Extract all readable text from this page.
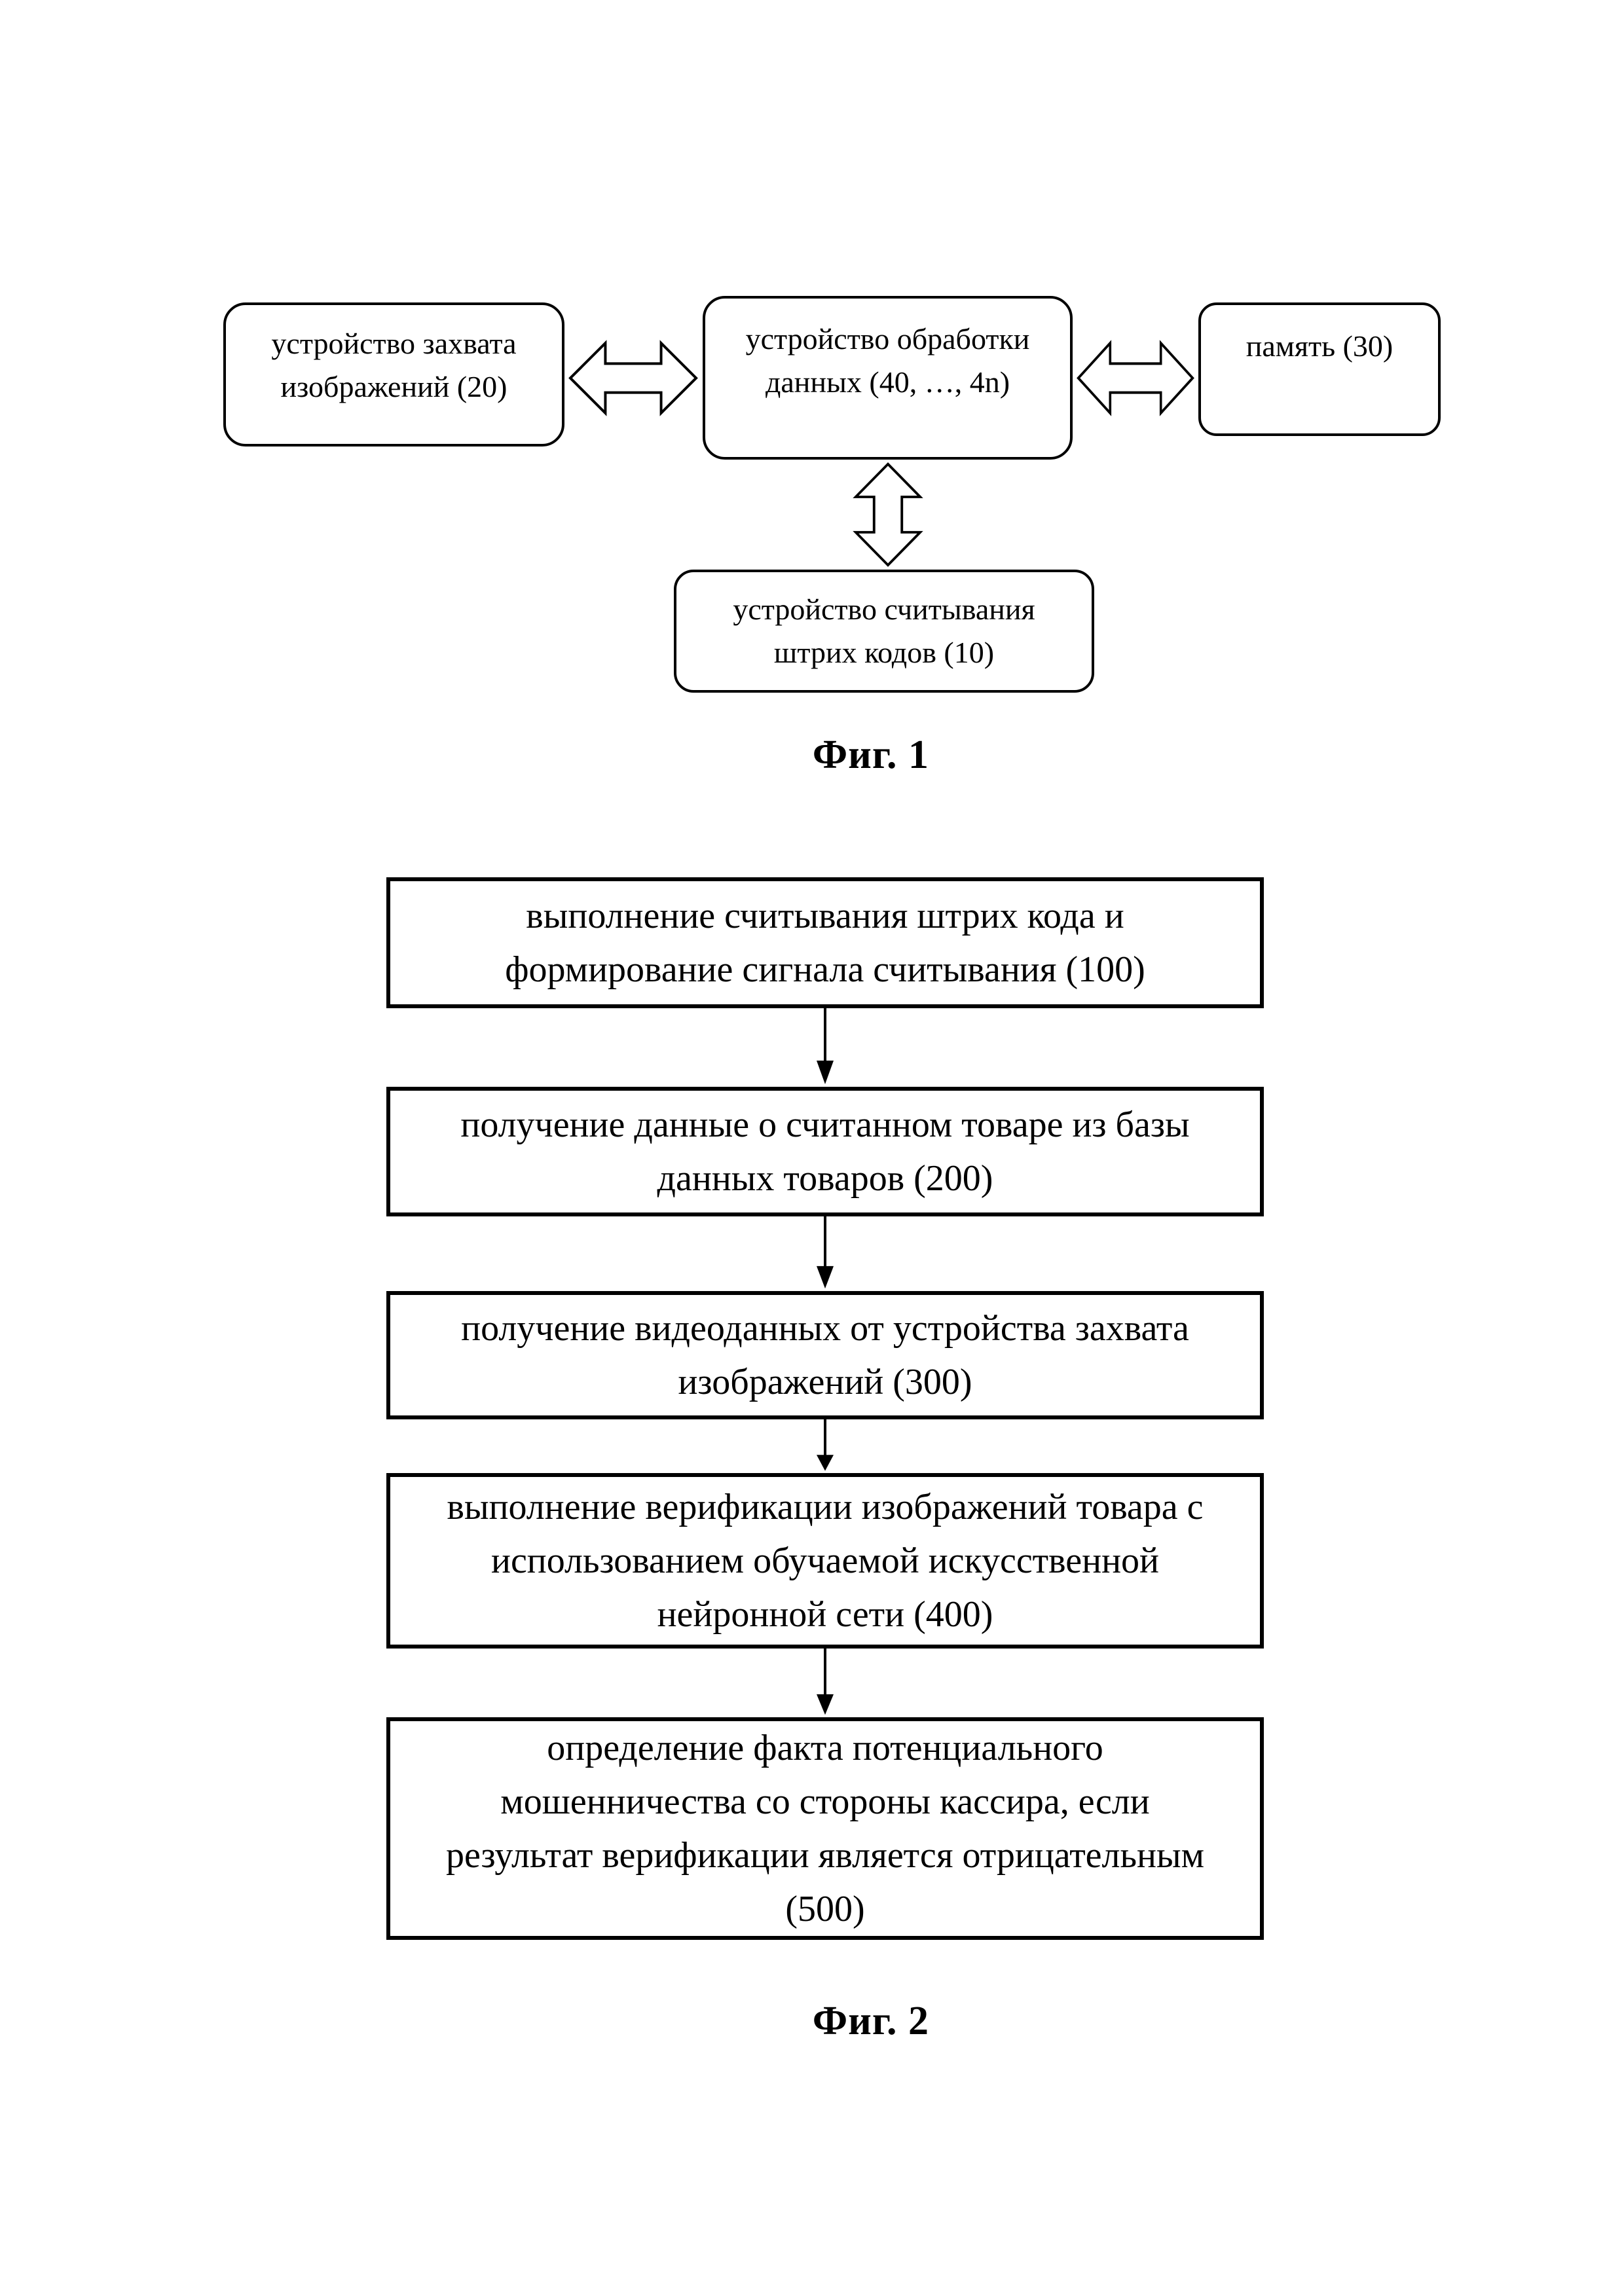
устройство захвата
изображений (20)
устройство обработки
данных (40, …, 4n)
память (30)
устройство считывания
штрих кодов (10)
Фиг. 1
выполнение считывания штрих кода и
формирование сигнала считывания (100)
получение данные о считанном товаре из базы
данных товаров (200)
получение видеоданных от устройства захвата
изображений (300)
выполнение верификации изображений товара с
использованием обучаемой искусственной
нейронной сети (400)
определение факта потенциального
мошенничества со стороны кассира, если
результат верификации является отрицательным
(500)
Фиг. 2
